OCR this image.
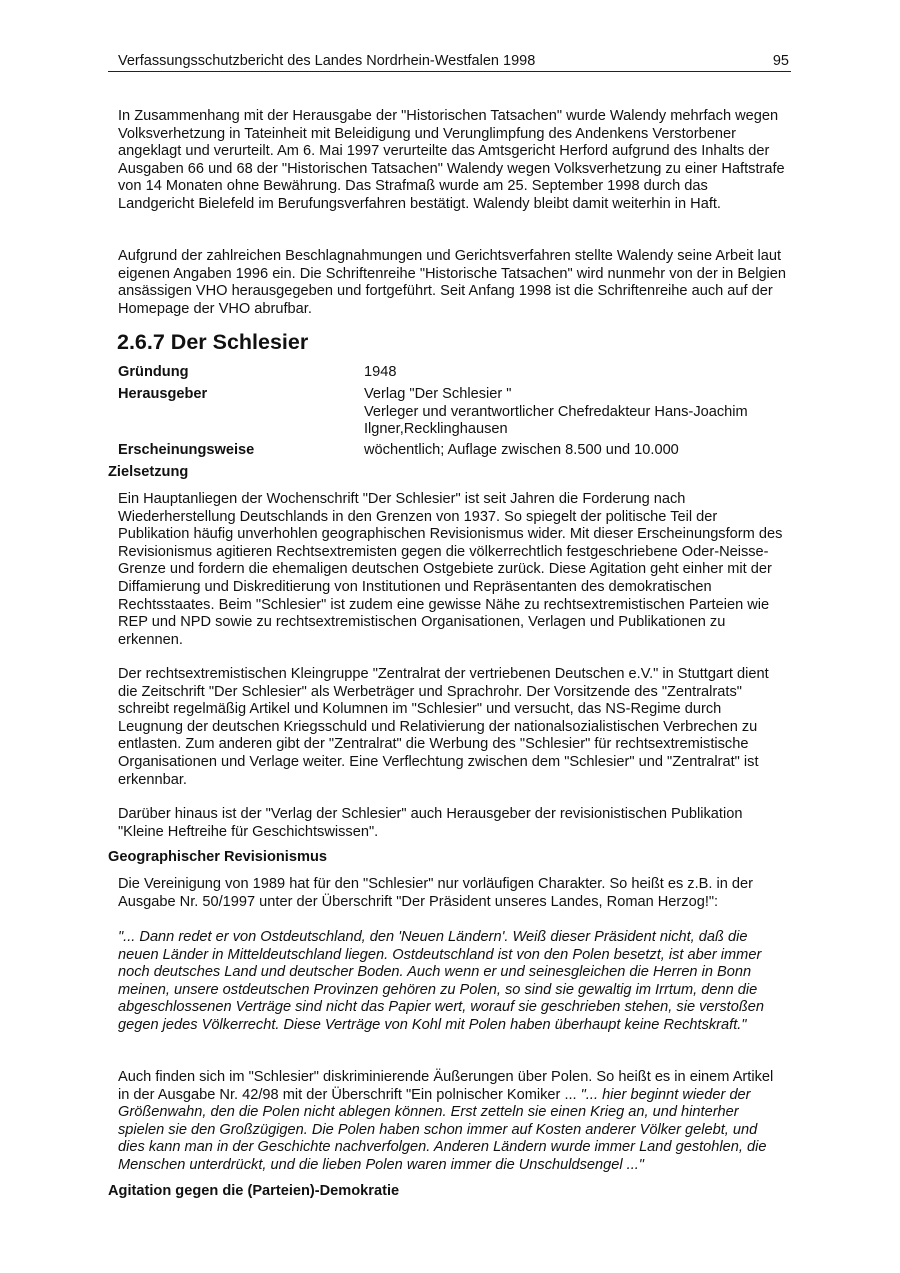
Verfassungsschutzbericht des Landes Nordrhein-Westfalen 1998	95

In Zusammenhang mit der Herausgabe der "Historischen Tatsachen" wurde Walendy mehrfach wegen Volksverhetzung in Tateinheit mit Beleidigung und Verunglimpfung des Andenkens Verstorbener angeklagt und verurteilt. Am 6. Mai 1997 verurteilte das Amtsgericht Herford aufgrund des Inhalts der Ausgaben 66 und 68 der "Historischen Tatsachen" Walendy wegen Volksverhetzung zu einer Haftstrafe von 14 Monaten ohne Bewährung. Das Strafmaß wurde am 25. September 1998 durch das Landgericht Bielefeld im Berufungsverfahren bestätigt. Walendy bleibt damit weiterhin in Haft.

Aufgrund der zahlreichen Beschlagnahmungen und Gerichtsverfahren stellte Walendy seine Arbeit laut eigenen Angaben 1996 ein. Die Schriftenreihe "Historische Tatsachen" wird nunmehr von der in Belgien ansässigen VHO herausgegeben und fortgeführt. Seit Anfang 1998 ist die Schriftenreihe auch auf der Homepage der VHO abrufbar.

2.6.7 Der Schlesier
Gründung	1948
Herausgeber	Verlag "Der Schlesier "
Verleger und verantwortlicher Chefredakteur Hans-Joachim
Ilgner,Recklinghausen
Erscheinungsweise	wöchentlich; Auflage zwischen 8.500 und 10.000
Zielsetzung

Ein Hauptanliegen der Wochenschrift "Der Schlesier" ist seit Jahren die Forderung nach Wiederherstellung Deutschlands in den Grenzen von 1937. So spiegelt der politische Teil der Publikation häufig unverhohlen geographischen Revisionismus wider. Mit dieser Erscheinungsform des Revisionismus agitieren Rechtsextremisten gegen die völkerrechtlich festgeschriebene Oder-Neisse-Grenze und fordern die ehemaligen deutschen Ostgebiete zurück. Diese Agitation geht einher mit der Diffamierung und Diskreditierung von Institutionen und Repräsentanten des demokratischen Rechtsstaates. Beim "Schlesier" ist zudem eine gewisse Nähe zu rechtsextremistischen Parteien wie REP und NPD sowie zu rechtsextremistischen Organisationen, Verlagen und Publikationen zu erkennen.

Der rechtsextremistischen Kleingruppe "Zentralrat der vertriebenen Deutschen e.V." in Stuttgart dient die Zeitschrift "Der Schlesier" als Werbeträger und Sprachrohr. Der Vorsitzende des "Zentralrats" schreibt regelmäßig Artikel und Kolumnen im "Schlesier" und versucht, das NS-Regime durch Leugnung der deutschen Kriegsschuld und Relativierung der nationalsozialistischen Verbrechen zu entlasten. Zum anderen gibt der "Zentralrat" die Werbung des "Schlesier" für rechtsextremistische Organisationen und Verlage weiter. Eine Verflechtung zwischen dem "Schlesier" und "Zentralrat" ist erkennbar.

Darüber hinaus ist der "Verlag der Schlesier" auch Herausgeber der revisionistischen Publikation "Kleine Heftreihe für Geschichtswissen".

Geographischer Revisionismus

Die Vereinigung von 1989 hat für den "Schlesier" nur vorläufigen Charakter. So heißt es z.B. in der Ausgabe Nr. 50/1997 unter der Überschrift "Der Präsident unseres Landes, Roman Herzog!":

"... Dann redet er von Ostdeutschland, den 'Neuen Ländern'. Weiß dieser Präsident nicht, daß die neuen Länder in Mitteldeutschland liegen. Ostdeutschland ist von den Polen besetzt, ist aber immer noch deutsches Land und deutscher Boden. Auch wenn er und seinesgleichen die Herren in Bonn meinen, unsere ostdeutschen Provinzen gehören zu Polen, so sind sie gewaltig im Irrtum, denn die abgeschlossenen Verträge sind nicht das Papier wert, worauf sie geschrieben stehen, sie verstoßen gegen jedes Völkerrecht. Diese Verträge von Kohl mit Polen haben überhaupt keine Rechtskraft."

Auch finden sich im "Schlesier" diskriminierende Äußerungen über Polen. So heißt es in einem Artikel in der Ausgabe Nr. 42/98 mit der Überschrift "Ein polnischer Komiker ... "... hier beginnt wieder der Größenwahn, den die Polen nicht ablegen können. Erst zetteln sie einen Krieg an, und hinterher spielen sie den Großzügigen. Die Polen haben schon immer auf Kosten anderer Völker gelebt, und dies kann man in der Geschichte nachverfolgen. Anderen Ländern wurde immer Land gestohlen, die Menschen unterdrückt, und die lieben Polen waren immer die Unschuldsengel ..."

Agitation gegen die (Parteien)-Demokratie
